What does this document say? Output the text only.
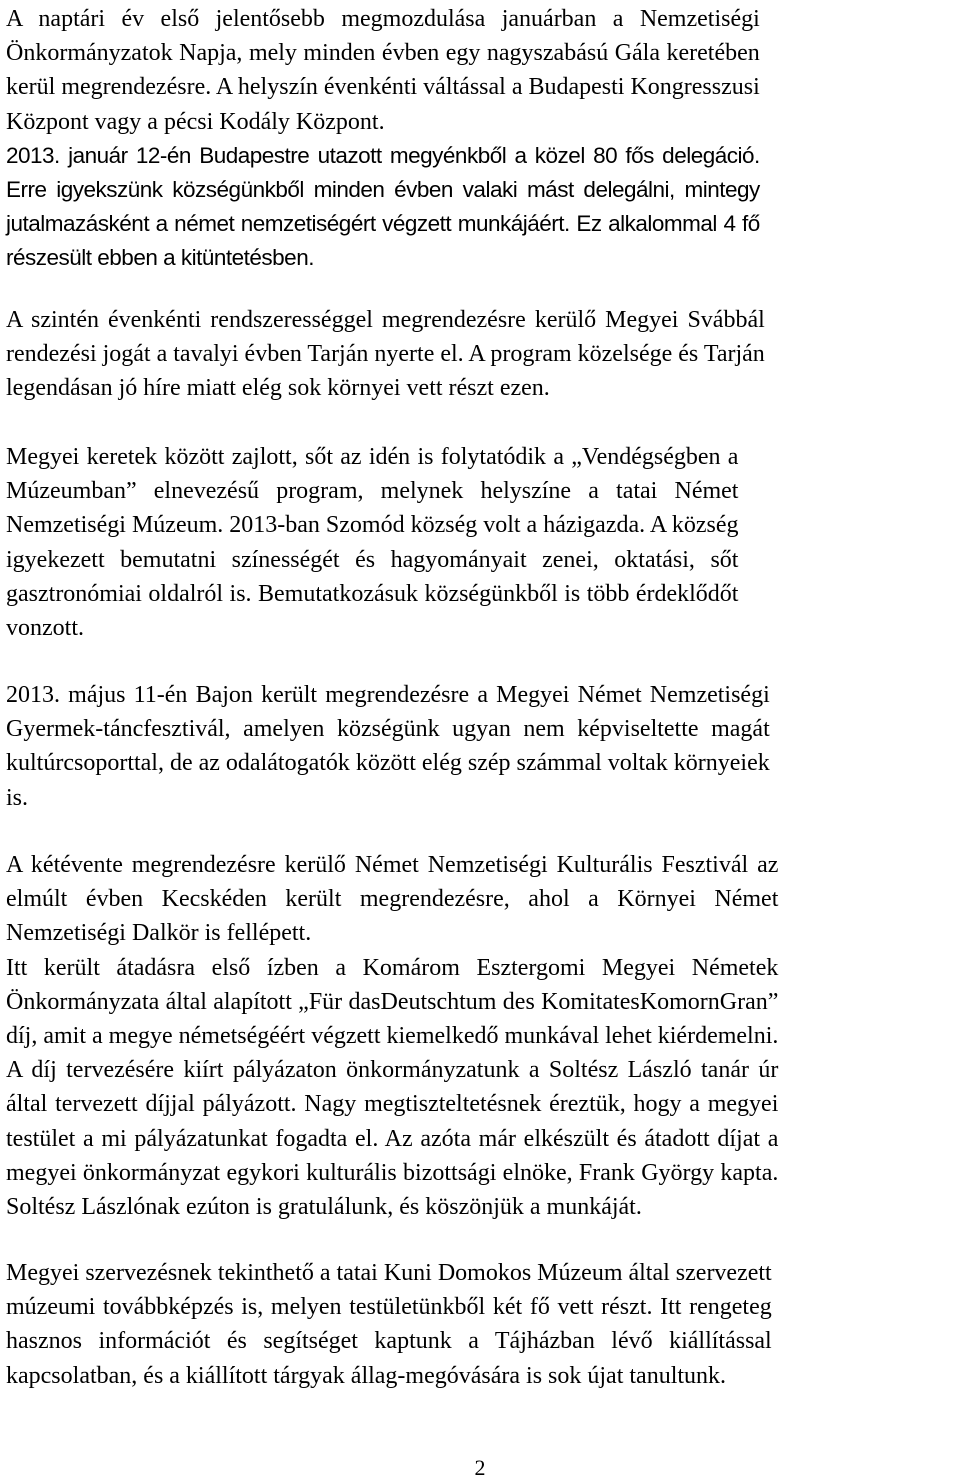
A naptári év első jelentősebb megmozdulása januárban a Nemzetiségi
Önkormányzatok Napja, mely minden évben egy nagyszabású Gála keretében
kerül megrendezésre. A helyszín évenkénti váltással a Budapesti Kongresszusi
Központ vagy a pécsi Kodály Központ.
2013. január 12-én Budapestre utazott megyénkből a közel 80 fős delegáció.
Erre igyekszünk községünkből minden évben valaki mást delegálni, mintegy
jutalmazásként a német nemzetiségért végzett munkájáért. Ez alkalommal 4 fő
részesült ebben a kitüntetésben.
A szintén évenkénti rendszerességgel megrendezésre kerülő Megyei Svábbál
rendezési jogát a tavalyi évben Tarján nyerte el. A program közelsége és Tarján
legendásan jó híre miatt elég sok környei vett részt ezen.
Megyei keretek között zajlott, sőt az idén is folytatódik a „Vendégségben a
Múzeumban” elnevezésű program, melynek helyszíne a tatai Német
Nemzetiségi Múzeum. 2013-ban Szomód község volt a házigazda. A község
igyekezett bemutatni színességét és hagyományait zenei, oktatási, sőt
gasztronómiai oldalról is. Bemutatkozásuk községünkből is több érdeklődőt
vonzott.
2013. május 11-én Bajon került megrendezésre a Megyei Német Nemzetiségi
Gyermek-táncfesztivál, amelyen községünk ugyan nem képviseltette magát
kultúrcsoporttal, de az odalátogatók között elég szép számmal voltak környeiek
is.
A kétévente megrendezésre kerülő Német Nemzetiségi Kulturális Fesztivál az
elmúlt évben Kecskéden került megrendezésre, ahol a Környei Német
Nemzetiségi Dalkör is fellépett.
Itt került átadásra első ízben a Komárom Esztergomi Megyei Németek
Önkormányzata által alapított „Für dasDeutschtum des KomitatesKomornGran”
díj, amit a megye németségéért végzett kiemelkedő munkával lehet kiérdemelni.
A díj tervezésére kiírt pályázaton önkormányzatunk a Soltész László tanár úr
által tervezett díjjal pályázott. Nagy megtiszteltetésnek éreztük, hogy a megyei
testület a mi pályázatunkat fogadta el. Az azóta már elkészült és átadott díjat a
megyei önkormányzat egykori kulturális bizottsági elnöke, Frank György kapta.
Soltész Lászlónak ezúton is gratulálunk, és köszönjük a munkáját.
Megyei szervezésnek tekinthető a tatai Kuni Domokos Múzeum által szervezett
múzeumi továbbképzés is, melyen testületünkből két fő vett részt. Itt rengeteg
hasznos információt és segítséget kaptunk a Tájházban lévő kiállítással
kapcsolatban, és a kiállított tárgyak állag-megóvására is sok újat tanultunk.
2
